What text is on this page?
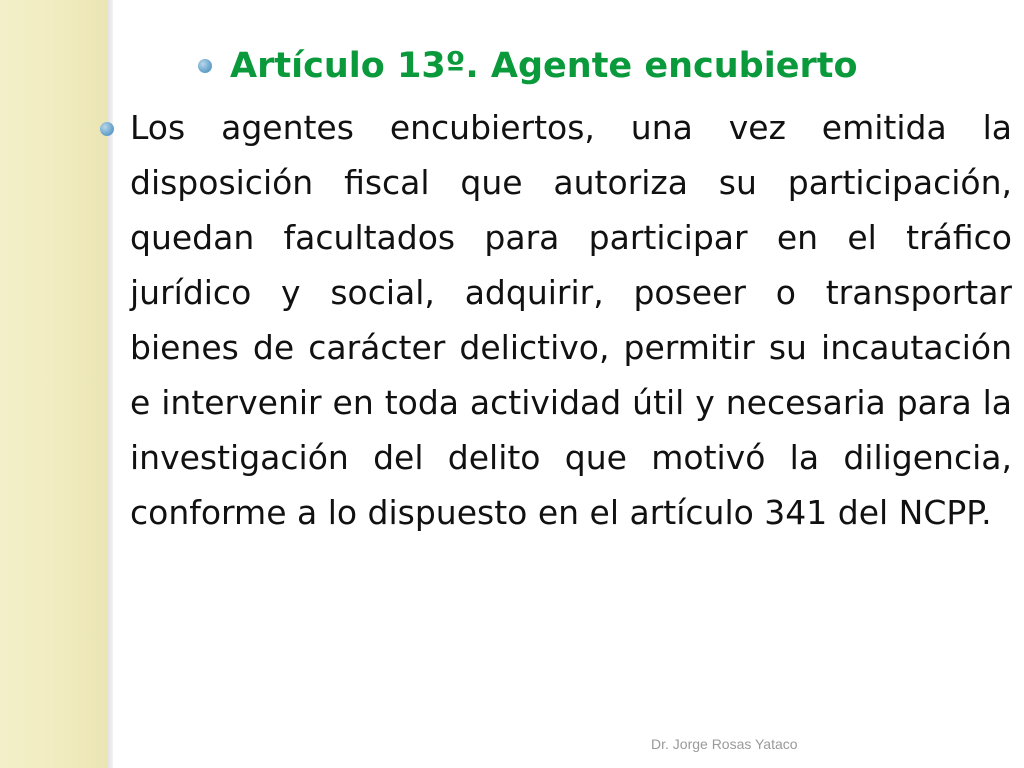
Artículo 13º. Agente encubierto

Los agentes encubiertos, una vez emitida la disposición fiscal que autoriza su participación, quedan facultados para participar en el tráfico jurídico y social, adquirir, poseer o transportar bienes de carácter delictivo, permitir su incautación e intervenir en toda actividad útil y necesaria para la investigación del delito que motivó la diligencia, conforme a lo dispuesto en el artículo 341 del NCPP.

Dr. Jorge Rosas Yataco
